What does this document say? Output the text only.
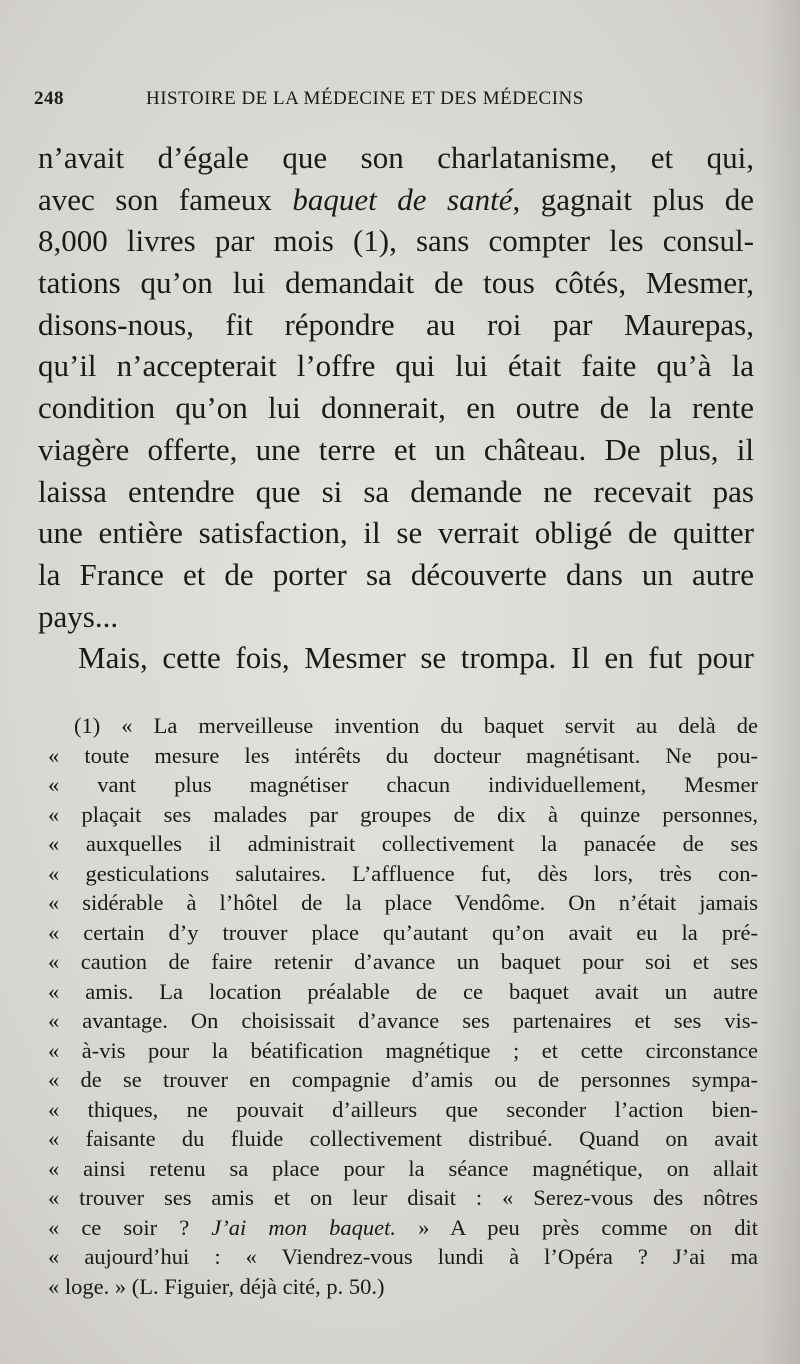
248	HISTOIRE DE LA MÉDECINE ET DES MÉDECINS
n’avait d’égale que son charlatanisme, et qui,
avec son fameux baquet de santé, gagnait plus de
8,000 livres par mois (1), sans compter les consul-
tations qu’on lui demandait de tous côtés, Mesmer,
disons-nous, fit répondre au roi par Maurepas,
qu’il n’accepterait l’offre qui lui était faite qu’à la
condition qu’on lui donnerait, en outre de la rente
viagère offerte, une terre et un château. De plus, il
laissa entendre que si sa demande ne recevait pas
une entière satisfaction, il se verrait obligé de quitter
la France et de porter sa découverte dans un autre
pays...
Mais, cette fois, Mesmer se trompa. Il en fut pour
(1) « La merveilleuse invention du baquet servit au delà de
« toute mesure les intérêts du docteur magnétisant. Ne pou-
« vant plus magnétiser chacun individuellement, Mesmer
« plaçait ses malades par groupes de dix à quinze personnes,
« auxquelles il administrait collectivement la panacée de ses
« gesticulations salutaires. L’affluence fut, dès lors, très con-
« sidérable à l’hôtel de la place Vendôme. On n’était jamais
« certain d’y trouver place qu’autant qu’on avait eu la pré-
« caution de faire retenir d’avance un baquet pour soi et ses
« amis. La location préalable de ce baquet avait un autre
« avantage. On choisissait d’avance ses partenaires et ses vis-
« à-vis pour la béatification magnétique ; et cette circonstance
« de se trouver en compagnie d’amis ou de personnes sympa-
« thiques, ne pouvait d’ailleurs que seconder l’action bien-
« faisante du fluide collectivement distribué. Quand on avait
« ainsi retenu sa place pour la séance magnétique, on allait
« trouver ses amis et on leur disait : « Serez-vous des nôtres
« ce soir ? J’ai mon baquet. » A peu près comme on dit
« aujourd’hui : « Viendrez-vous lundi à l’Opéra ? J’ai ma
« loge. » (L. Figuier, déjà cité, p. 50.)
